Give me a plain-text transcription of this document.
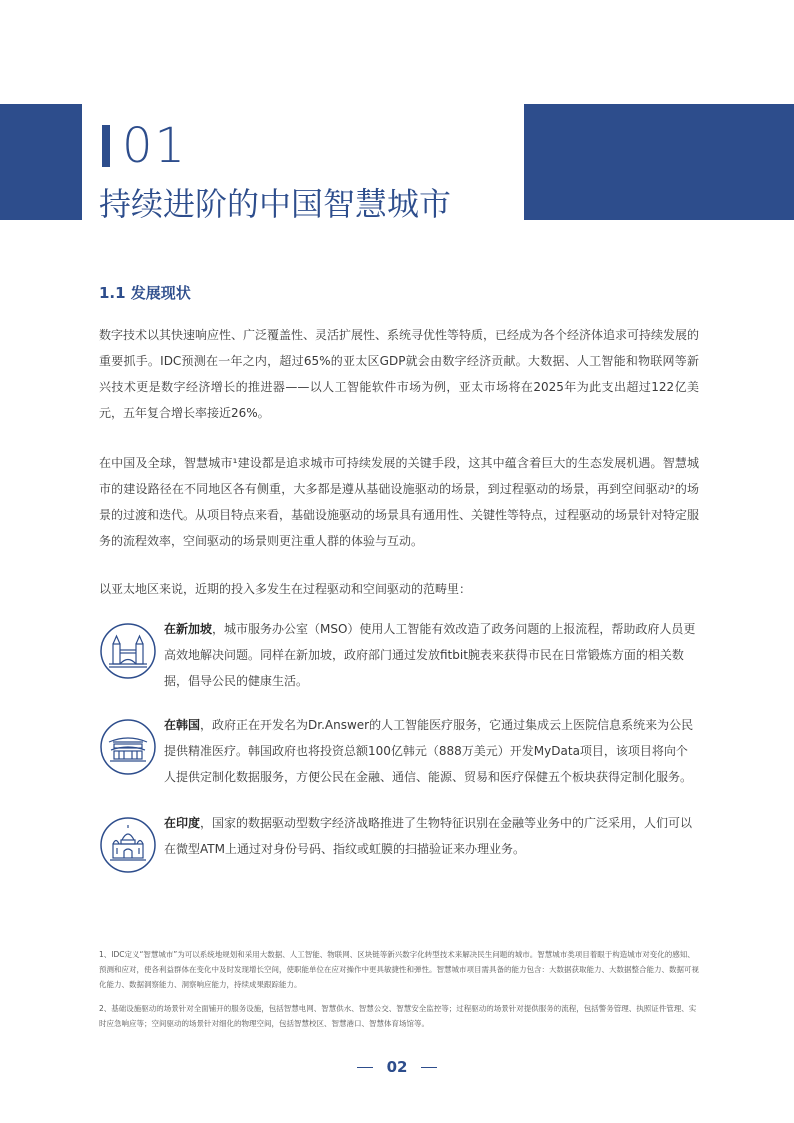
01
持续进阶的中国智慧城市
1.1 发展现状

数字技术以其快速响应性、广泛覆盖性、灵活扩展性、系统寻优性等特质，已经成为各个经济体追求可持续发展的重要抓手。IDC预测在一年之内，超过65%的亚太区GDP就会由数字经济贡献。大数据、人工智能和物联网等新兴技术更是数字经济增长的推进器——以人工智能软件市场为例，亚太市场将在2025年为此支出超过122亿美元，五年复合增长率接近26%。

在中国及全球，智慧城市¹建设都是追求城市可持续发展的关键手段，这其中蕴含着巨大的生态发展机遇。智慧城市的建设路径在不同地区各有侧重，大多都是遵从基础设施驱动的场景，到过程驱动的场景，再到空间驱动²的场景的过渡和迭代。从项目特点来看，基础设施驱动的场景具有通用性、关键性等特点，过程驱动的场景针对特定服务的流程效率，空间驱动的场景则更注重人群的体验与互动。

以亚太地区来说，近期的投入多发生在过程驱动和空间驱动的范畴里：

在新加坡，城市服务办公室（MSO）使用人工智能有效改造了政务问题的上报流程，帮助政府人员更高效地解决问题。同样在新加坡，政府部门通过发放fitbit腕表来获得市民在日常锻炼方面的相关数据，倡导公民的健康生活。
在韩国，政府正在开发名为Dr.Answer的人工智能医疗服务，它通过集成云上医院信息系统来为公民提供精准医疗。韩国政府也将投资总额100亿韩元（888万美元）开发MyData项目，该项目将向个人提供定制化数据服务，方便公民在金融、通信、能源、贸易和医疗保健五个板块获得定制化服务。
在印度，国家的数据驱动型数字经济战略推进了生物特征识别在金融等业务中的广泛采用，人们可以在微型ATM上通过对身份号码、指纹或虹膜的扫描验证来办理业务。
1、IDC定义“智慧城市”为可以系统地规划和采用大数据、人工智能、物联网、区块链等新兴数字化转型技术来解决民生问题的城市。智慧城市类项目着眼于构造城市对变化的感知、预测和应对，使各利益群体在变化中及时发现增长空间，使职能单位在应对操作中更具敏捷性和弹性。智慧城市项目需具备的能力包含：大数据获取能力、大数据整合能力、数据可视化能力、数据洞察能力、洞察响应能力，持续成果跟踪能力。
2、基础设施驱动的场景针对全面铺开的服务设施，包括智慧电网、智慧供水、智慧公交、智慧安全监控等；过程驱动的场景针对提供服务的流程，包括警务管理、执照证件管理、实时应急响应等；空间驱动的场景针对细化的物理空间，包括智慧校区、智慧港口、智慧体育场馆等。
02
